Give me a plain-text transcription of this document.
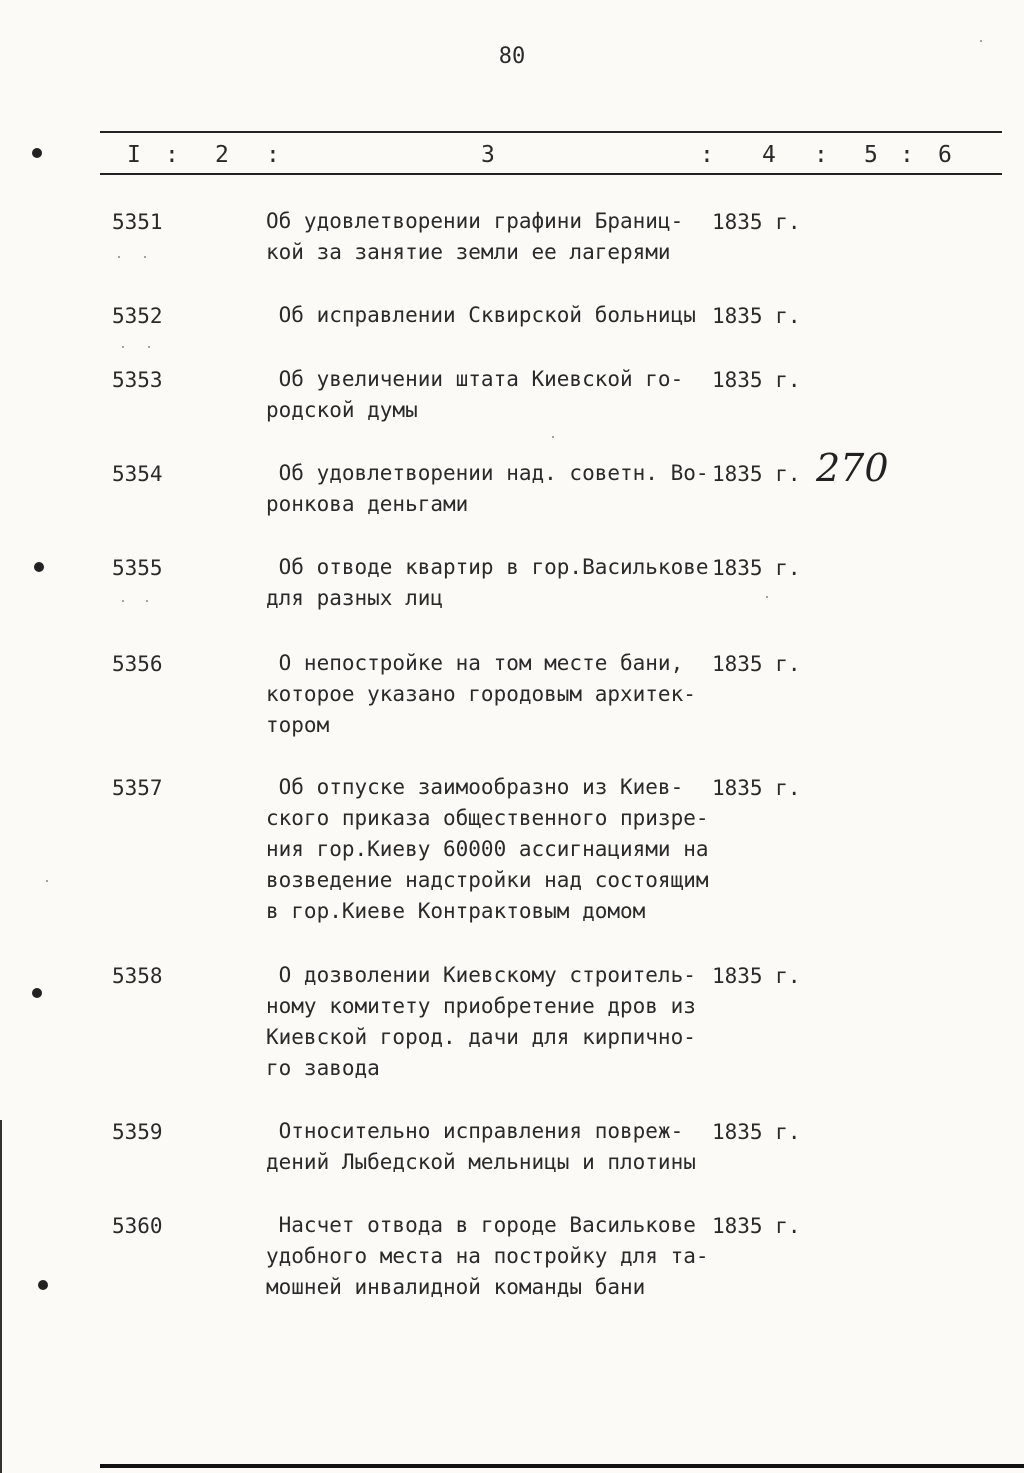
80
I : 2 :	3	: 4 : 5 : 6
5351	Об удовлетворении графини Браниц-
кой за занятие земли ее лагерями
1835 г.
5352	Об исправлении Сквирской больницы 1835 г.
5353	Об увеличении штата Киевской го-
родской думы
1835 г.
5354	Об удовлетворении над. советн. Во-
ронкова деньгами
1835 г. 270
5355	Об отводе квартир в гор.Василькове
для разных лиц
1835 г.
5356	О непостройке на том месте бани,
которое указано городовым архитек-
тором
1835 г.
5357	Об отпуске заимообразно из Киев-
ского приказа общественного призре-
ния гор.Киеву 60000 ассигнациями на
возведение надстройки над состоящим
в гор.Киеве Контрактовым домом
1835 г.
5358	О дозволении Киевскому строитель-
ному комитету приобретение дров из
Киевской город. дачи для кирпично-
го завода
1835 г.
5359	Относительно исправления повреж-
дений Лыбедской мельницы и плотины
1835 г.
5360	Насчет отвода в городе Василькове
удобного места на постройку для та-
мошней инвалидной команды бани
1835 г.
